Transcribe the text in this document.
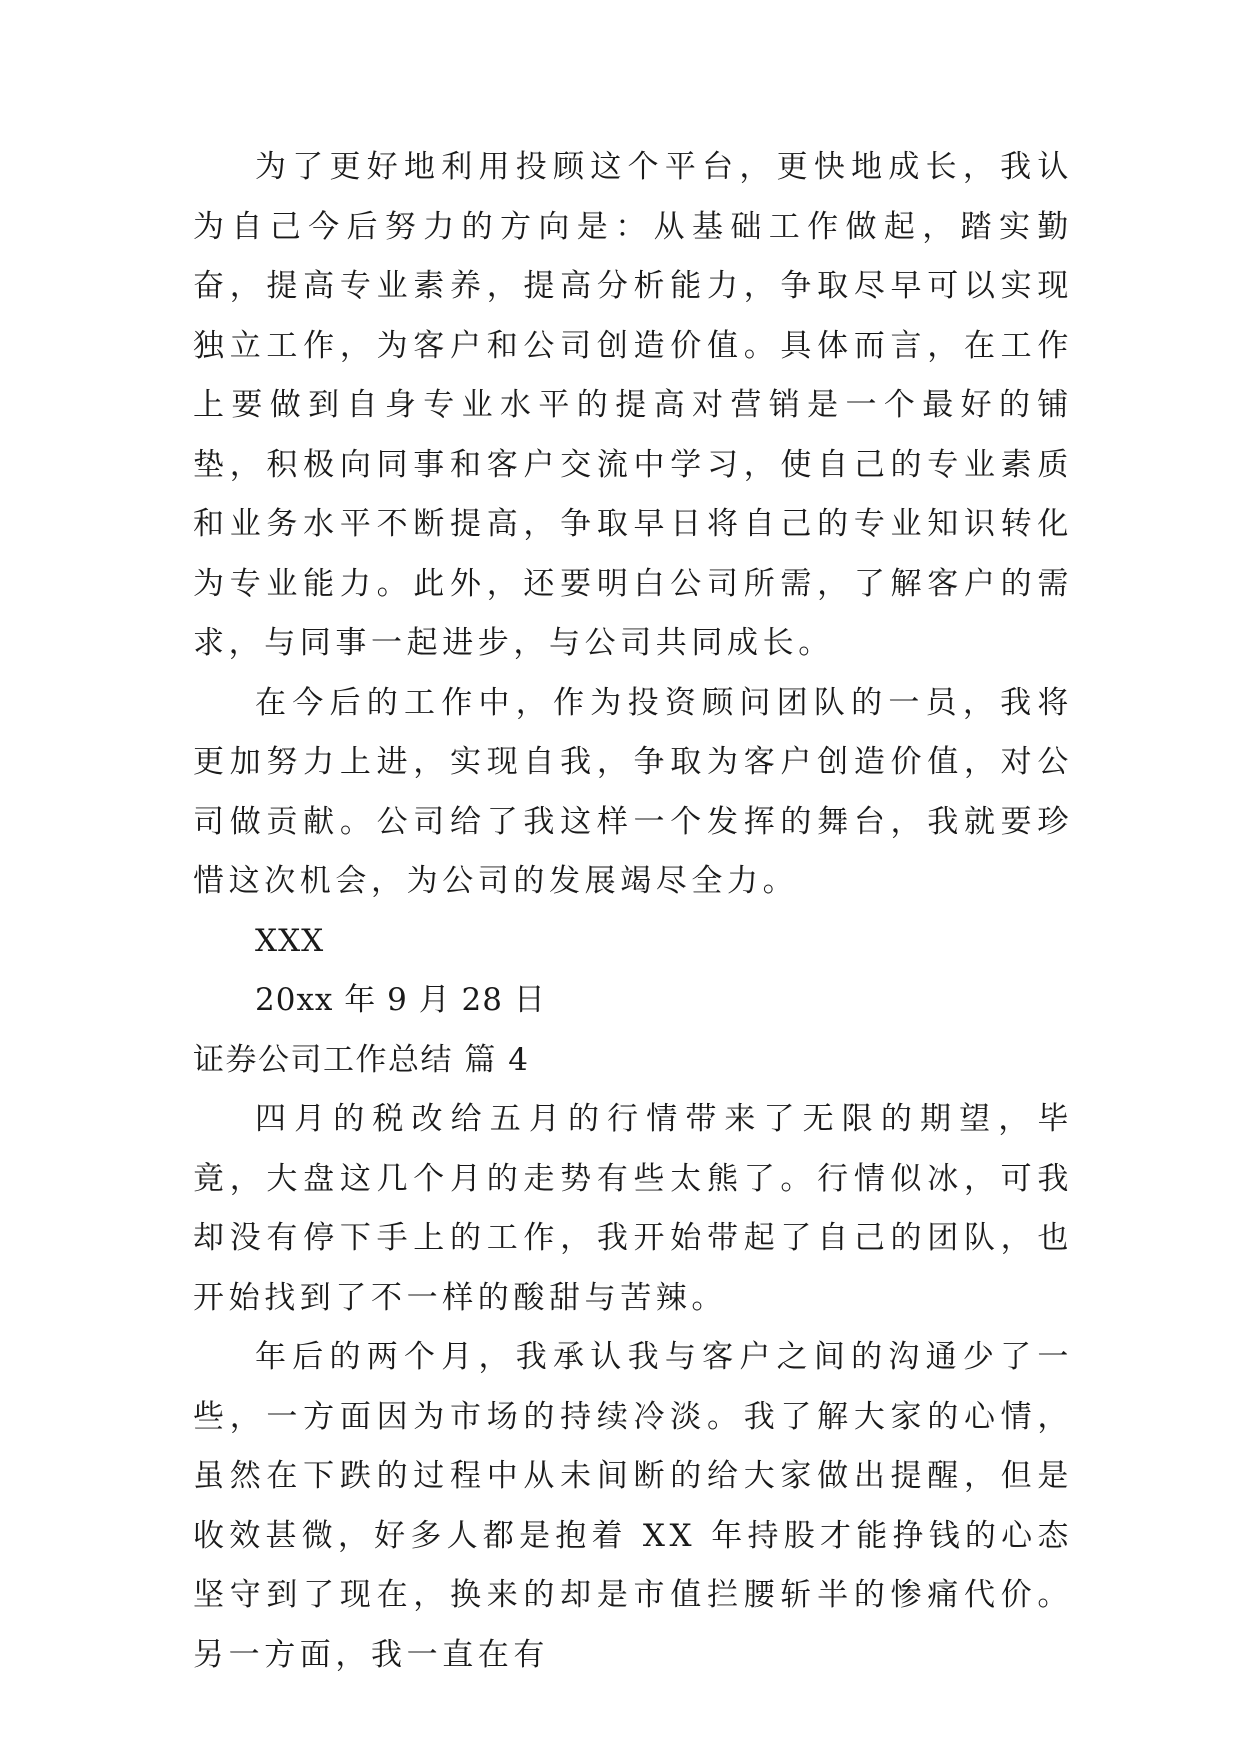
为了更好地利用投顾这个平台，更快地成长，我认为自己今后努力的方向是：从基础工作做起，踏实勤奋，提高专业素养，提高分析能力，争取尽早可以实现独立工作，为客户和公司创造价值。具体而言，在工作上要做到自身专业水平的提高对营销是一个最好的铺垫，积极向同事和客户交流中学习，使自己的专业素质和业务水平不断提高，争取早日将自己的专业知识转化为专业能力。此外，还要明白公司所需，了解客户的需求，与同事一起进步，与公司共同成长。

在今后的工作中，作为投资顾问团队的一员，我将更加努力上进，实现自我，争取为客户创造价值，对公司做贡献。公司给了我这样一个发挥的舞台，我就要珍惜这次机会，为公司的发展竭尽全力。

XXX

20xx 年 9 月 28 日

证券公司工作总结 篇 4

四月的税改给五月的行情带来了无限的期望，毕竟，大盘这几个月的走势有些太熊了。行情似冰，可我却没有停下手上的工作，我开始带起了自己的团队，也开始找到了不一样的酸甜与苦辣。

年后的两个月，我承认我与客户之间的沟通少了一些，一方面因为市场的持续冷淡。我了解大家的心情，虽然在下跌的过程中从未间断的给大家做出提醒，但是收效甚微，好多人都是抱着 XX 年持股才能挣钱的心态坚守到了现在，换来的却是市值拦腰斩半的惨痛代价。另一方面，我一直在有
